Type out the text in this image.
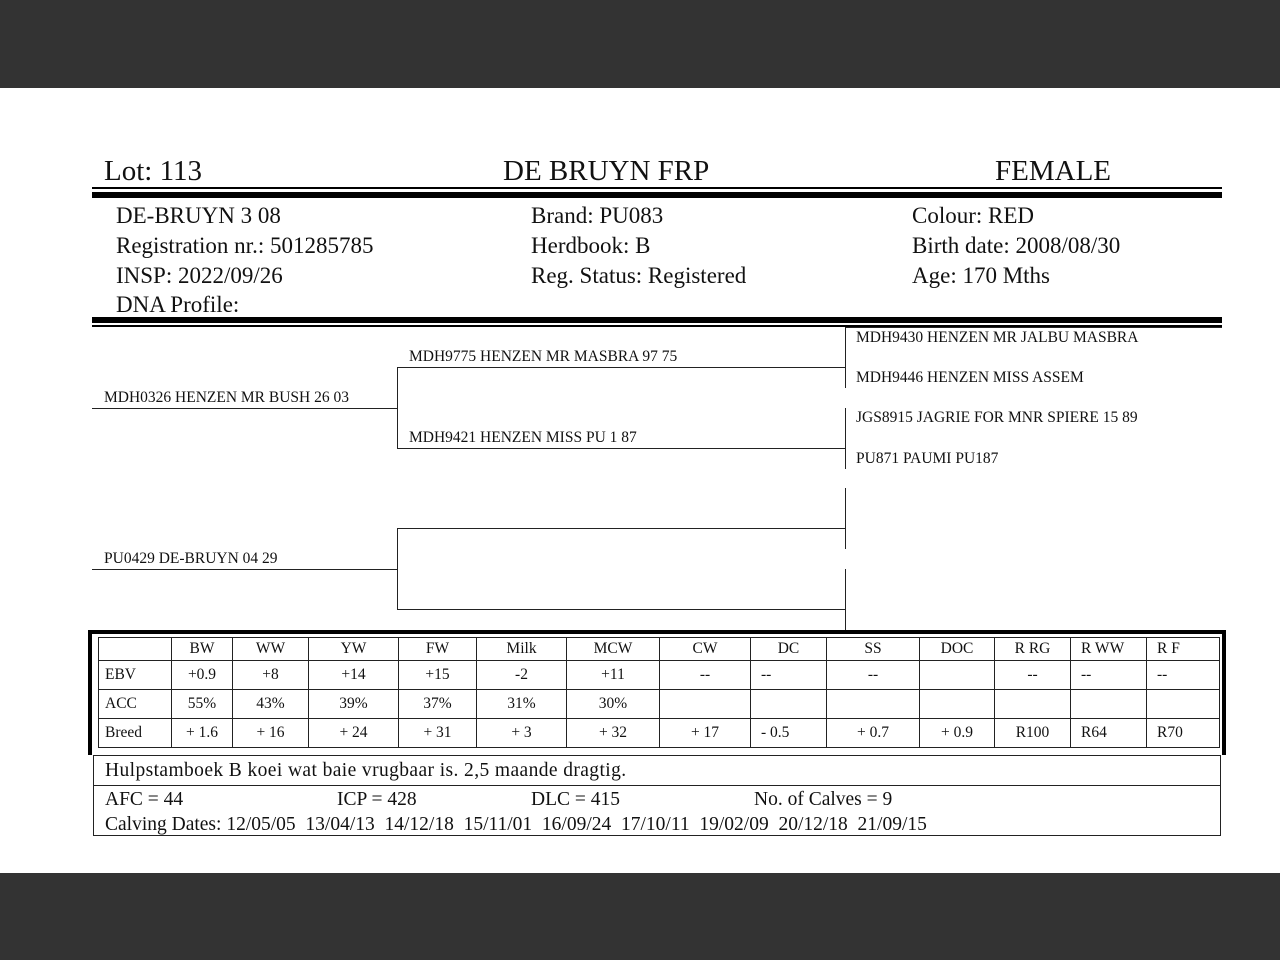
Lot: 113	DE BRUYN FRP	FEMALE
DE-BRUYN 3 08
Registration nr.: 501285785
INSP: 2022/09/26
DNA Profile:
Brand: PU083
Herdbook: B
Reg. Status: Registered
Colour: RED
Birth date: 2008/08/30
Age: 170 Mths
MDH0326 HENZEN MR BUSH 26 03
PU0429 DE-BRUYN 04 29
MDH9775 HENZEN MR MASBRA 97 75
MDH9421 HENZEN MISS PU 1 87
MDH9430 HENZEN MR JALBU MASBRA
MDH9446 HENZEN MISS ASSEM
JGS8915 JAGRIE FOR MNR SPIERE 15 89
PU871 PAUMI PU187
	BW	WW	YW	FW	Milk	MCW	CW	DC	SS	DOC	R RG	R WW	R F
EBV	+0.9	+8	+14	+15	-2	+11	--	--	--		--	--	--
ACC	55%	43%	39%	37%	31%	30%							
Breed	+ 1.6	+ 16	+ 24	+ 31	+ 3	+ 32	+ 17	- 0.5	+ 0.7	+ 0.9	R100	R64	R70
Hulpstamboek B koei wat baie vrugbaar is. 2,5 maande dragtig.
AFC = 44	ICP = 428	DLC = 415	No. of Calves = 9
Calving Dates: 12/05/05  13/04/13  14/12/18  15/11/01  16/09/24  17/10/11  19/02/09  20/12/18  21/09/15
